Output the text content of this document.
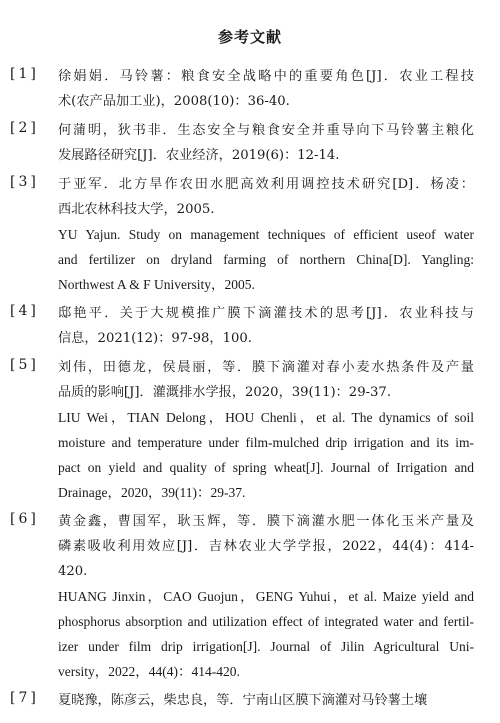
参考文献
[1]	徐娟娟．马铃薯：粮食安全战略中的重要角色[J]．农业工程技
术(农产品加工业)，2008(10)：36-40.
[2]	何蒲明，狄书非．生态安全与粮食安全并重导向下马铃薯主粮化
发展路径研究[J]．农业经济，2019(6)：12-14.
[3]	于亚军．北方旱作农田水肥高效利用调控技术研究[D]．杨凌：
西北农林科技大学，2005.
YU Yajun. Study on management techniques of efficient useof water
and fertilizer on dryland farming of northern China[D]. Yangling:
Northwest A & F University，2005.
[4]	邸艳平．关于大规模推广膜下滴灌技术的思考[J]．农业科技与
信息，2021(12)：97-98，100.
[5]	刘伟，田德龙，侯晨丽，等．膜下滴灌对春小麦水热条件及产量
品质的影响[J]．灌溉排水学报，2020，39(11)：29-37.
LIU Wei，TIAN Delong，HOU Chenli，et al. The dynamics of soil
moisture and temperature under film-mulched drip irrigation and its im-
pact on yield and quality of spring wheat[J]. Journal of Irrigation and
Drainage，2020，39(11)：29-37.
[6]	黄金鑫，曹国军，耿玉辉，等．膜下滴灌水肥一体化玉米产量及
磷素吸收利用效应[J]．吉林农业大学学报，2022，44(4)：414-
420.
HUANG Jinxin，CAO Guojun，GENG Yuhui，et al. Maize yield and
phosphorus absorption and utilization effect of integrated water and fertil-
izer under film drip irrigation[J]. Journal of Jilin Agricultural Uni-
versity，2022，44(4)：414-420.
[7]	夏晓豫，陈彦云，柴忠良，等．宁南山区膜下滴灌对马铃薯土壤
